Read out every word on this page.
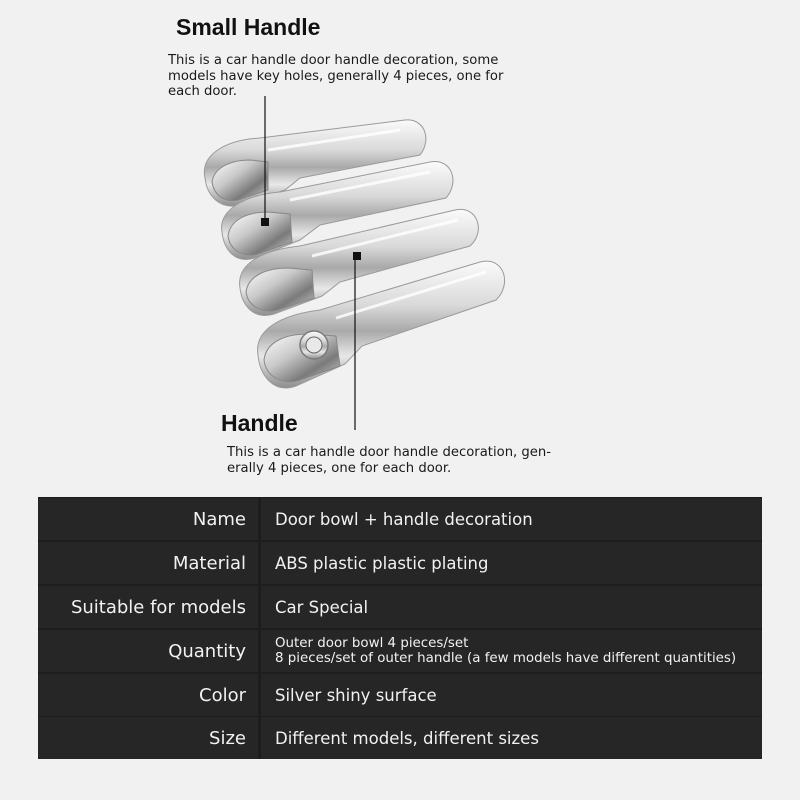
Small Handle
This is a car handle door handle decoration, some
models have key holes, generally 4 pieces, one for
each door.
Handle
This is a car handle door handle decoration, gen-
erally 4 pieces, one for each door.
Name	Door bowl + handle decoration
Material	ABS plastic plastic plating
Suitable for models	Car Special
Quantity	Outer door bowl 4 pieces/set
8 pieces/set of outer handle (a few models have different quantities)
Color	Silver shiny surface
Size	Different models, different sizes
